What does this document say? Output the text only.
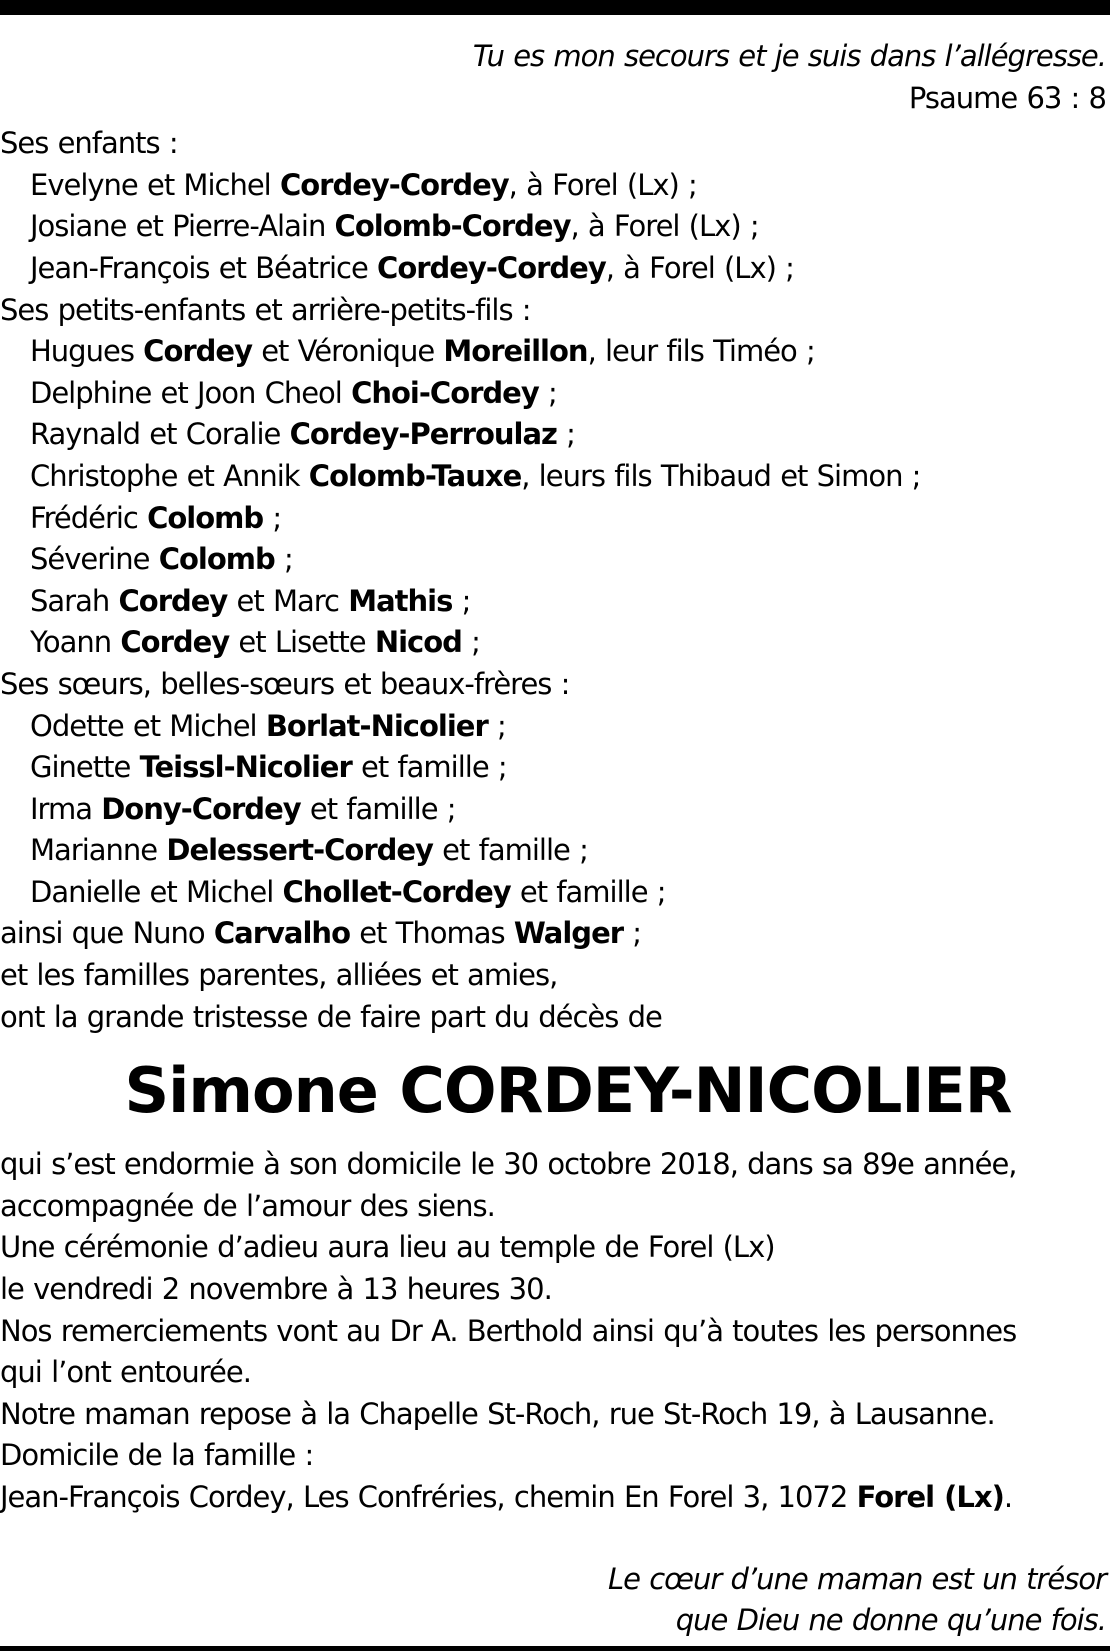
Tu es mon secours et je suis dans l’allégresse.
Psaume 63 : 8
Ses enfants :
Evelyne et Michel Cordey-Cordey, à Forel (Lx) ;
Josiane et Pierre-Alain Colomb-Cordey, à Forel (Lx) ;
Jean-François et Béatrice Cordey-Cordey, à Forel (Lx) ;
Ses petits-enfants et arrière-petits-fils :
Hugues Cordey et Véronique Moreillon, leur fils Timéo ;
Delphine et Joon Cheol Choi-Cordey ;
Raynald et Coralie Cordey-Perroulaz ;
Christophe et Annik Colomb-Tauxe, leurs fils Thibaud et Simon ;
Frédéric Colomb ;
Séverine Colomb ;
Sarah Cordey et Marc Mathis ;
Yoann Cordey et Lisette Nicod ;
Ses sœurs, belles-sœurs et beaux-frères :
Odette et Michel Borlat-Nicolier ;
Ginette Teissl-Nicolier et famille ;
Irma Dony-Cordey et famille ;
Marianne Delessert-Cordey et famille ;
Danielle et Michel Chollet-Cordey et famille ;
ainsi que Nuno Carvalho et Thomas Walger ;
et les familles parentes, alliées et amies,
ont la grande tristesse de faire part du décès de
Simone CORDEY-NICOLIER
qui s’est endormie à son domicile le 30 octobre 2018, dans sa 89e année,
accompagnée de l’amour des siens.
Une cérémonie d’adieu aura lieu au temple de Forel (Lx)
le vendredi 2 novembre à 13 heures 30.
Nos remerciements vont au Dr A. Berthold ainsi qu’à toutes les personnes
qui l’ont entourée.
Notre maman repose à la Chapelle St-Roch, rue St-Roch 19, à Lausanne.
Domicile de la famille :
Jean-François Cordey, Les Confréries, chemin En Forel 3, 1072 Forel (Lx).
Le cœur d’une maman est un trésor
que Dieu ne donne qu’une fois.
